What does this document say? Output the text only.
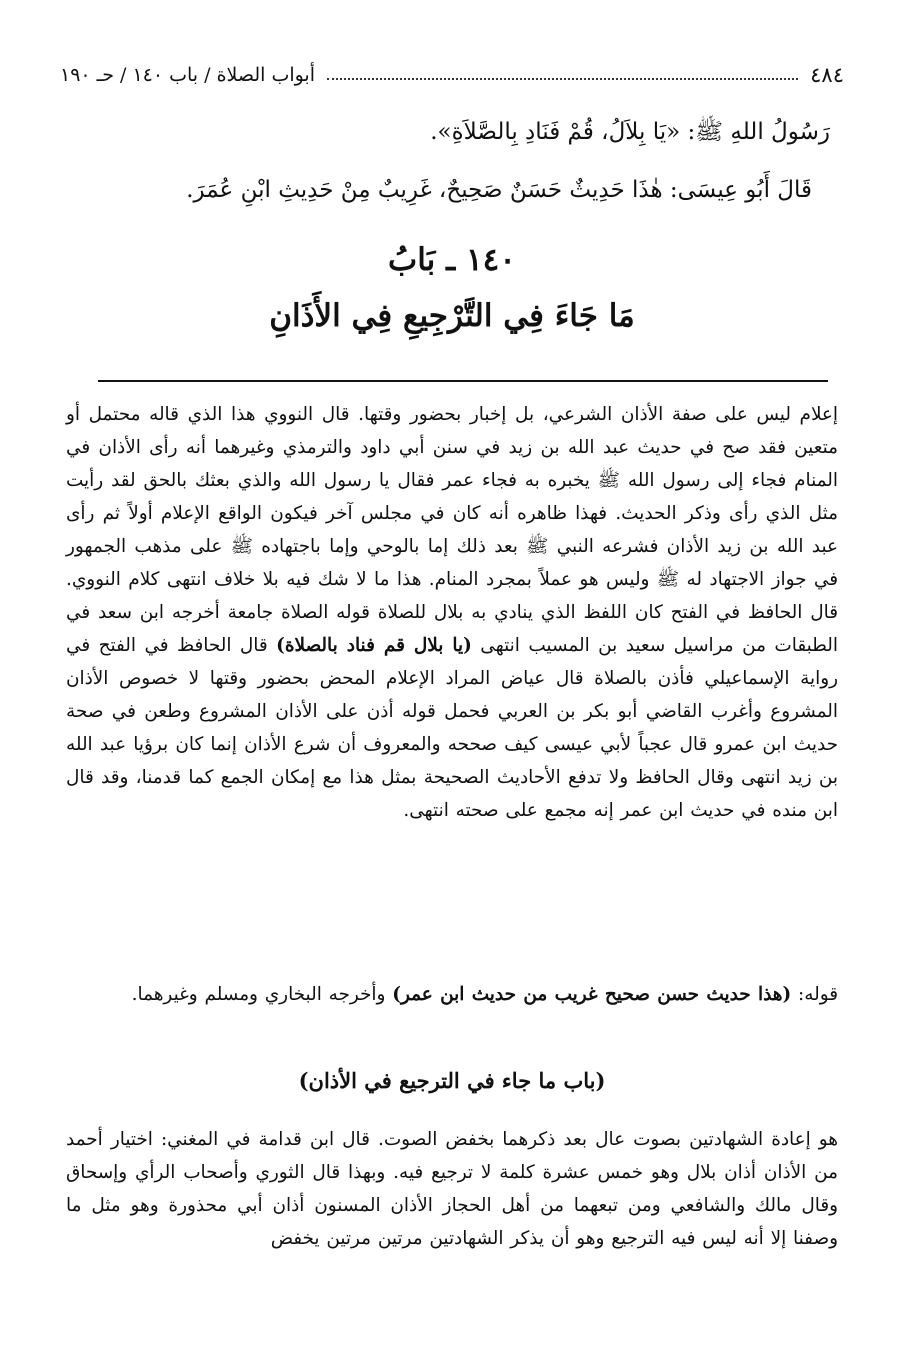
٤٨٤
أبواب الصلاة / باب ١٤٠ / حـ ١٩٠
رَسُولُ اللهِ ﷺ: «يَا بِلاَلُ، قُمْ فَنَادِ بِالصَّلاَةِ».
قَالَ أَبُو عِيسَى: هٰذَا حَدِيثٌ حَسَنٌ صَحِيحٌ، غَرِيبٌ مِنْ حَدِيثِ ابْنِ عُمَرَ.
١٤٠ ـ بَابُ
مَا جَاءَ فِي التَّرْجِيعِ فِي الأَذَانِ
إعلام ليس على صفة الأذان الشرعي، بل إخبار بحضور وقتها. قال النووي هذا الذي قاله محتمل أو متعين فقد صح في حديث عبد الله بن زيد في سنن أبي داود والترمذي وغيرهما أنه رأى الأذان في المنام فجاء إلى رسول الله ﷺ يخبره به فجاء عمر فقال يا رسول الله والذي بعثك بالحق لقد رأيت مثل الذي رأى وذكر الحديث. فهذا ظاهره أنه كان في مجلس آخر فيكون الواقع الإعلام أولاً ثم رأى عبد الله بن زيد الأذان فشرعه النبي ﷺ بعد ذلك إما بالوحي وإما باجتهاده ﷺ على مذهب الجمهور في جواز الاجتهاد له ﷺ وليس هو عملاً بمجرد المنام. هذا ما لا شك فيه بلا خلاف انتهى كلام النووي. قال الحافظ في الفتح كان اللفظ الذي ينادي به بلال للصلاة قوله الصلاة جامعة أخرجه ابن سعد في الطبقات من مراسيل سعيد بن المسيب انتهى (يا بلال قم فناد بالصلاة) قال الحافظ في الفتح في رواية الإسماعيلي فأذن بالصلاة قال عياض المراد الإعلام المحض بحضور وقتها لا خصوص الأذان المشروع وأغرب القاضي أبو بكر بن العربي فحمل قوله أذن على الأذان المشروع وطعن في صحة حديث ابن عمرو قال عجباً لأبي عيسى كيف صححه والمعروف أن شرع الأذان إنما كان برؤيا عبد الله بن زيد انتهى وقال الحافظ ولا تدفع الأحاديث الصحيحة بمثل هذا مع إمكان الجمع كما قدمنا، وقد قال ابن منده في حديث ابن عمر إنه مجمع على صحته انتهى.
قوله: (هذا حديث حسن صحيح غريب من حديث ابن عمر) وأخرجه البخاري ومسلم وغيرهما.
(باب ما جاء في الترجيع في الأذان)
هو إعادة الشهادتين بصوت عال بعد ذكرهما بخفض الصوت. قال ابن قدامة في المغني: اختيار أحمد من الأذان أذان بلال وهو خمس عشرة كلمة لا ترجيع فيه. وبهذا قال الثوري وأصحاب الرأي وإسحاق وقال مالك والشافعي ومن تبعهما من أهل الحجاز الأذان المسنون أذان أبي محذورة وهو مثل ما وصفنا إلا أنه ليس فيه الترجيع وهو أن يذكر الشهادتين مرتين مرتين يخفض
